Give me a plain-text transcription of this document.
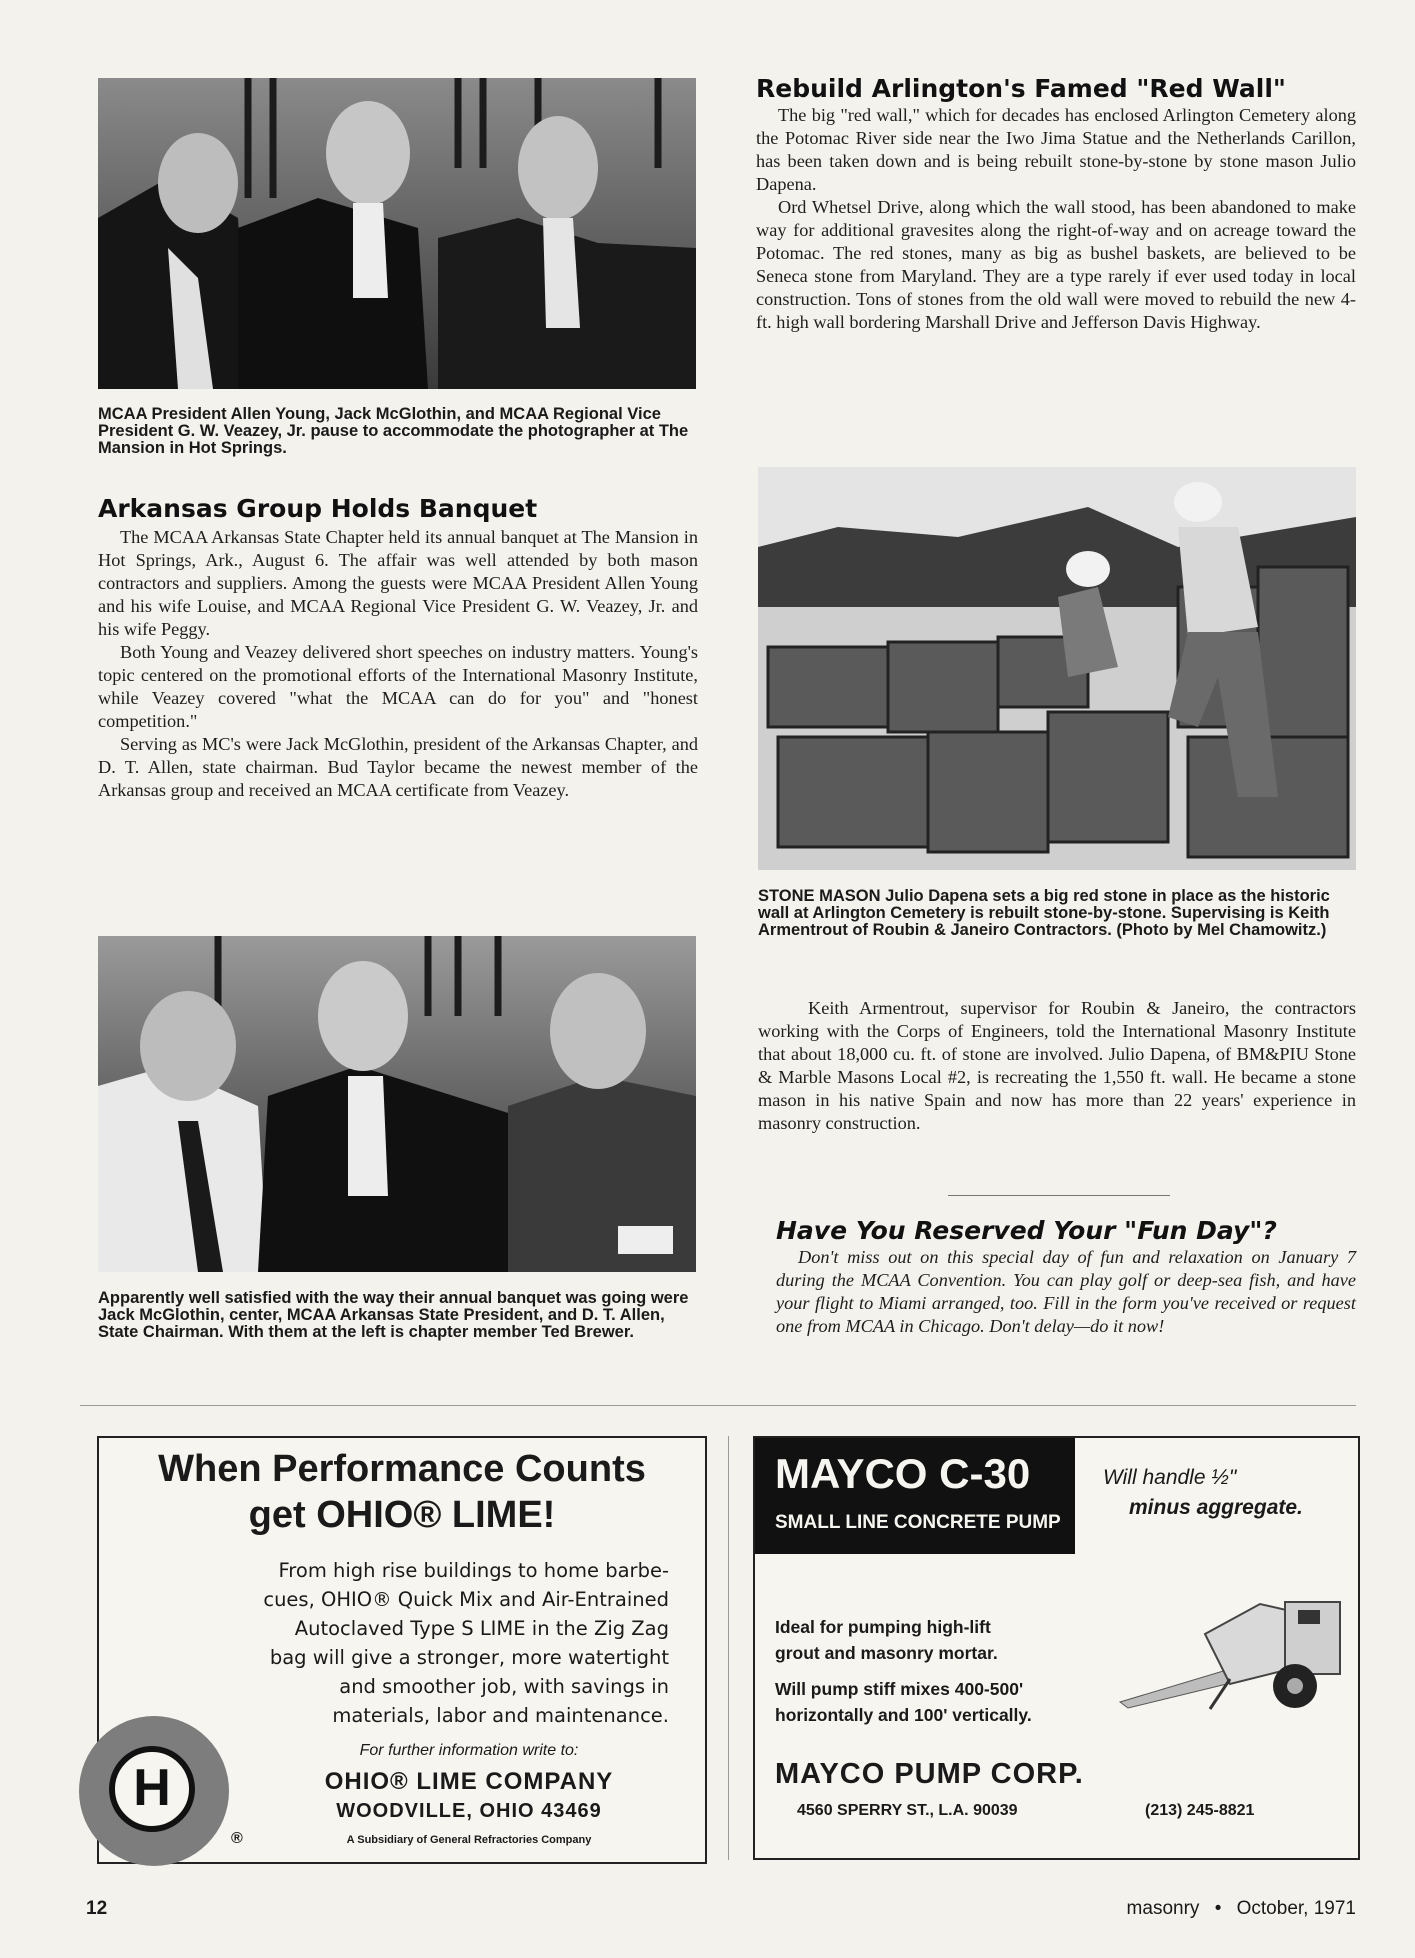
MCAA President Allen Young, Jack McGlothin, and MCAA Regional Vice President G. W. Veazey, Jr. pause to accommodate the photographer at The Mansion in Hot Springs.

Arkansas Group Holds Banquet

The MCAA Arkansas State Chapter held its annual banquet at The Mansion in Hot Springs, Ark., August 6. The affair was well attended by both mason contractors and suppliers. Among the guests were MCAA President Allen Young and his wife Louise, and MCAA Regional Vice President G. W. Veazey, Jr. and his wife Peggy.

Both Young and Veazey delivered short speeches on industry matters. Young's topic centered on the promotional efforts of the International Masonry Institute, while Veazey covered "what the MCAA can do for you" and "honest competition."

Serving as MC's were Jack McGlothin, president of the Arkansas Chapter, and D. T. Allen, state chairman. Bud Taylor became the newest member of the Arkansas group and received an MCAA certificate from Veazey.

Apparently well satisfied with the way their annual banquet was going were Jack McGlothin, center, MCAA Arkansas State President, and D. T. Allen, State Chairman. With them at the left is chapter member Ted Brewer.

Rebuild Arlington's Famed "Red Wall"

The big "red wall," which for decades has enclosed Arlington Cemetery along the Potomac River side near the Iwo Jima Statue and the Netherlands Carillon, has been taken down and is being rebuilt stone-by-stone by stone mason Julio Dapena.

Ord Whetsel Drive, along which the wall stood, has been abandoned to make way for additional gravesites along the right-of-way and on acreage toward the Potomac. The red stones, many as big as bushel baskets, are believed to be Seneca stone from Maryland. They are a type rarely if ever used today in local construction. Tons of stones from the old wall were moved to rebuild the new 4-ft. high wall bordering Marshall Drive and Jefferson Davis Highway.

STONE MASON Julio Dapena sets a big red stone in place as the historic wall at Arlington Cemetery is rebuilt stone-by-stone. Supervising is Keith Armentrout of Roubin & Janeiro Contractors. (Photo by Mel Chamowitz.)

Keith Armentrout, supervisor for Roubin & Janeiro, the contractors working with the Corps of Engineers, told the International Masonry Institute that about 18,000 cu. ft. of stone are involved. Julio Dapena, of BM&PIU Stone & Marble Masons Local #2, is recreating the 1,550 ft. wall. He became a stone mason in his native Spain and now has more than 22 years' experience in masonry construction.

Have You Reserved Your "Fun Day"?

Don't miss out on this special day of fun and relaxation on January 7 during the MCAA Convention. You can play golf or deep-sea fish, and have your flight to Miami arranged, too. Fill in the form you've received or request one from MCAA in Chicago. Don't delay—do it now!

When Performance Counts
get OHIO® LIME!
From high rise buildings to home barbe-
cues, OHIO® Quick Mix and Air-Entrained
Autoclaved Type S LIME in the Zig Zag
bag will give a stronger, more watertight
and smoother job, with savings in
materials, labor and maintenance.
H
®
For further information write to:
OHIO® LIME COMPANY
WOODVILLE, OHIO 43469
A Subsidiary of General Refractories Company
MAYCO C-30
SMALL LINE CONCRETE PUMP
Will handle ½"
minus aggregate.
Ideal for pumping high-lift
grout and masonry mortar.
Will pump stiff mixes 400-500'
horizontally and 100' vertically.
MAYCO PUMP CORP.
4560 SPERRY ST., L.A. 90039	(213) 245-8821
12	masonry • October, 1971
